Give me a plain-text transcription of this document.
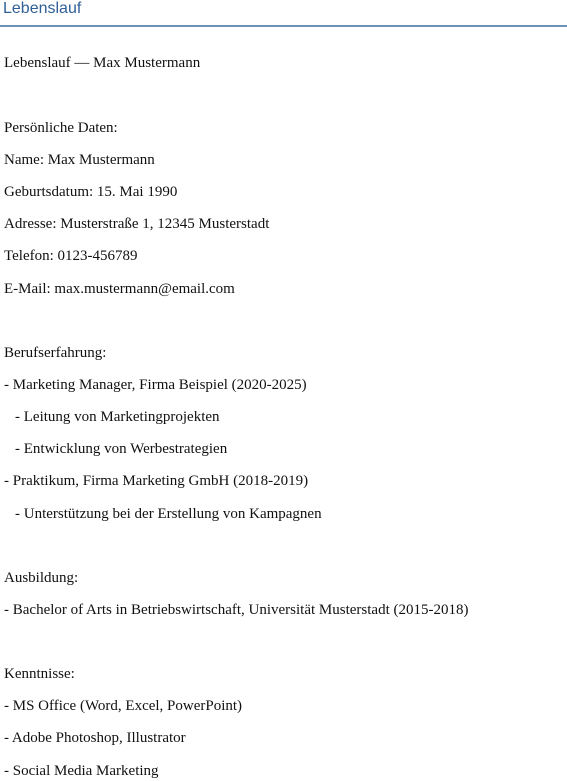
Lebenslauf
Lebenslauf — Max Mustermann
Persönliche Daten:
Name: Max Mustermann
Geburtsdatum: 15. Mai 1990
Adresse: Musterstraße 1, 12345 Musterstadt
Telefon: 0123-456789
E-Mail: max.mustermann@email.com
Berufserfahrung:
- Marketing Manager, Firma Beispiel (2020-2025)
- Leitung von Marketingprojekten
- Entwicklung von Werbestrategien
- Praktikum, Firma Marketing GmbH (2018-2019)
- Unterstützung bei der Erstellung von Kampagnen
Ausbildung:
- Bachelor of Arts in Betriebswirtschaft, Universität Musterstadt (2015-2018)
Kenntnisse:
- MS Office (Word, Excel, PowerPoint)
- Adobe Photoshop, Illustrator
- Social Media Marketing
